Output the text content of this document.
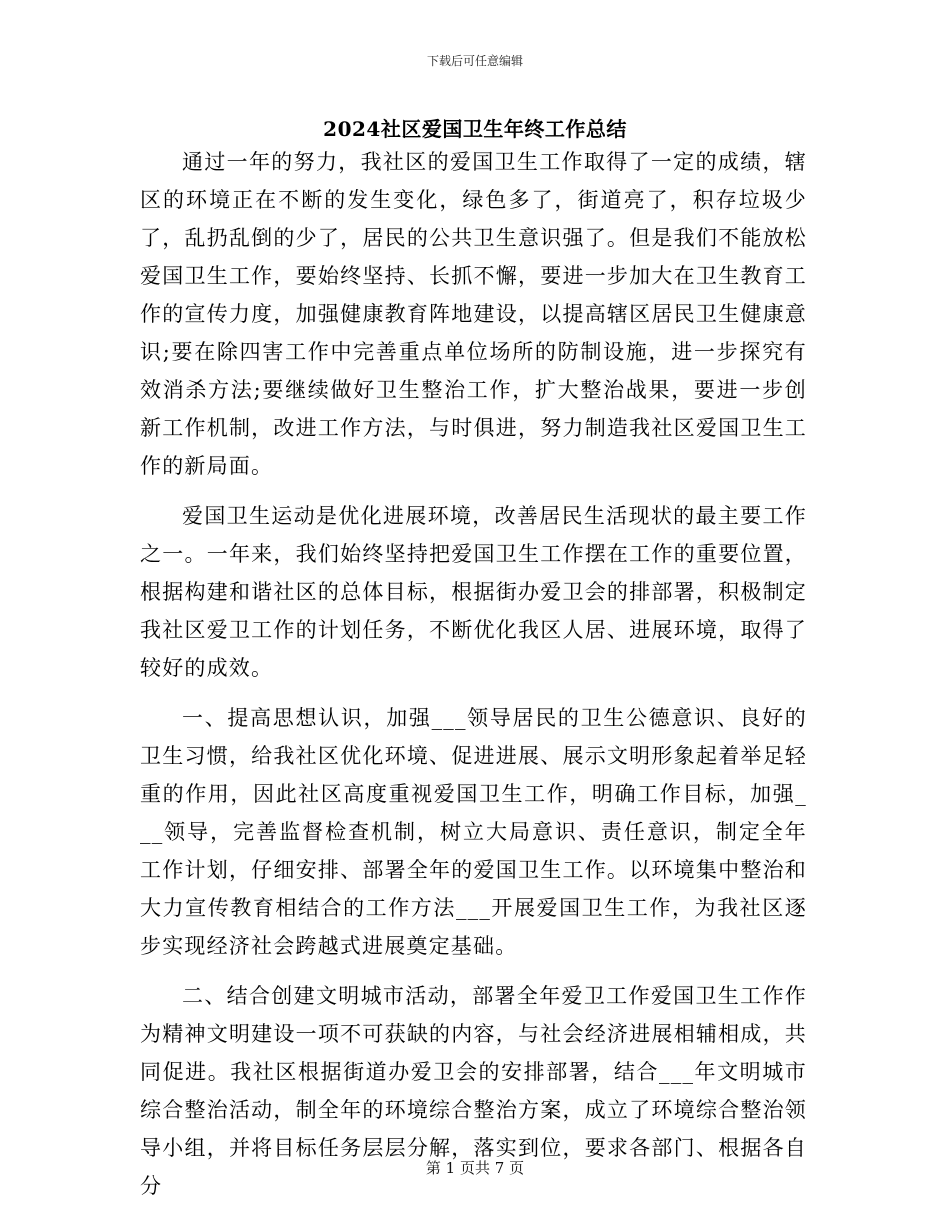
下载后可任意编辑
2024社区爱国卫生年终工作总结

通过一年的努力，我社区的爱国卫生工作取得了一定的成绩，辖区的环境正在不断的发生变化，绿色多了，街道亮了，积存垃圾少了，乱扔乱倒的少了，居民的公共卫生意识强了。但是我们不能放松爱国卫生工作，要始终坚持、长抓不懈，要进一步加大在卫生教育工作的宣传力度，加强健康教育阵地建设，以提高辖区居民卫生健康意识;要在除四害工作中完善重点单位场所的防制设施，进一步探究有效消杀方法;要继续做好卫生整治工作，扩大整治战果，要进一步创新工作机制，改进工作方法，与时俱进，努力制造我社区爱国卫生工作的新局面。

爱国卫生运动是优化进展环境，改善居民生活现状的最主要工作之一。一年来，我们始终坚持把爱国卫生工作摆在工作的重要位置，根据构建和谐社区的总体目标，根据街办爱卫会的排部署，积极制定我社区爱卫工作的计划任务，不断优化我区人居、进展环境，取得了较好的成效。

一、提高思想认识，加强___领导居民的卫生公德意识、良好的卫生习惯，给我社区优化环境、促进进展、展示文明形象起着举足轻重的作用，因此社区高度重视爱国卫生工作，明确工作目标，加强___领导，完善监督检查机制，树立大局意识、责任意识，制定全年工作计划，仔细安排、部署全年的爱国卫生工作。以环境集中整治和大力宣传教育相结合的工作方法___开展爱国卫生工作，为我社区逐步实现经济社会跨越式进展奠定基础。

二、结合创建文明城市活动，部署全年爱卫工作爱国卫生工作作为精神文明建设一项不可获缺的内容，与社会经济进展相辅相成，共同促进。我社区根据街道办爱卫会的安排部署，结合___年文明城市综合整治活动，制全年的环境综合整治方案，成立了环境综合整治领导小组，并将目标任务层层分解，落实到位，要求各部门、根据各自分

第 1 页共 7 页
